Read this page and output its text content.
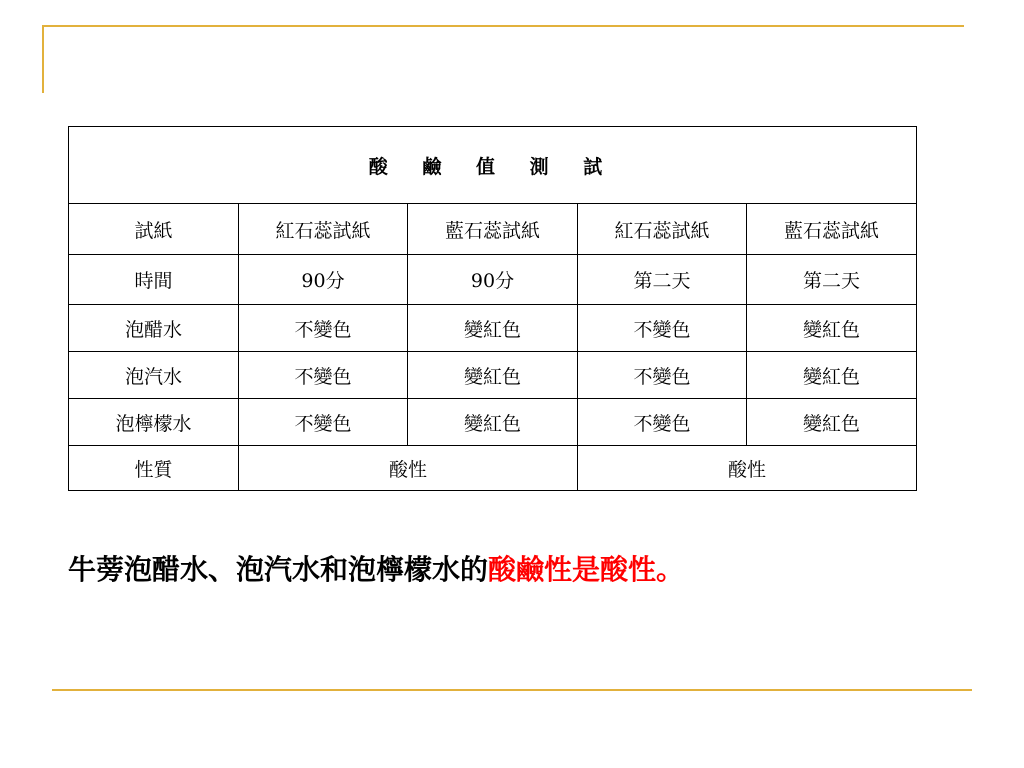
酸 鹼 值 測 試				
試紙	紅石蕊試紙	藍石蕊試紙	紅石蕊試紙	藍石蕊試紙
時間	90分	90分	第二天	第二天
泡醋水	不變色	變紅色	不變色	變紅色
泡汽水	不變色	變紅色	不變色	變紅色
泡檸檬水	不變色	變紅色	不變色	變紅色
性質	酸性		酸性	
牛蒡泡醋水、泡汽水和泡檸檬水的酸鹼性是酸性。
